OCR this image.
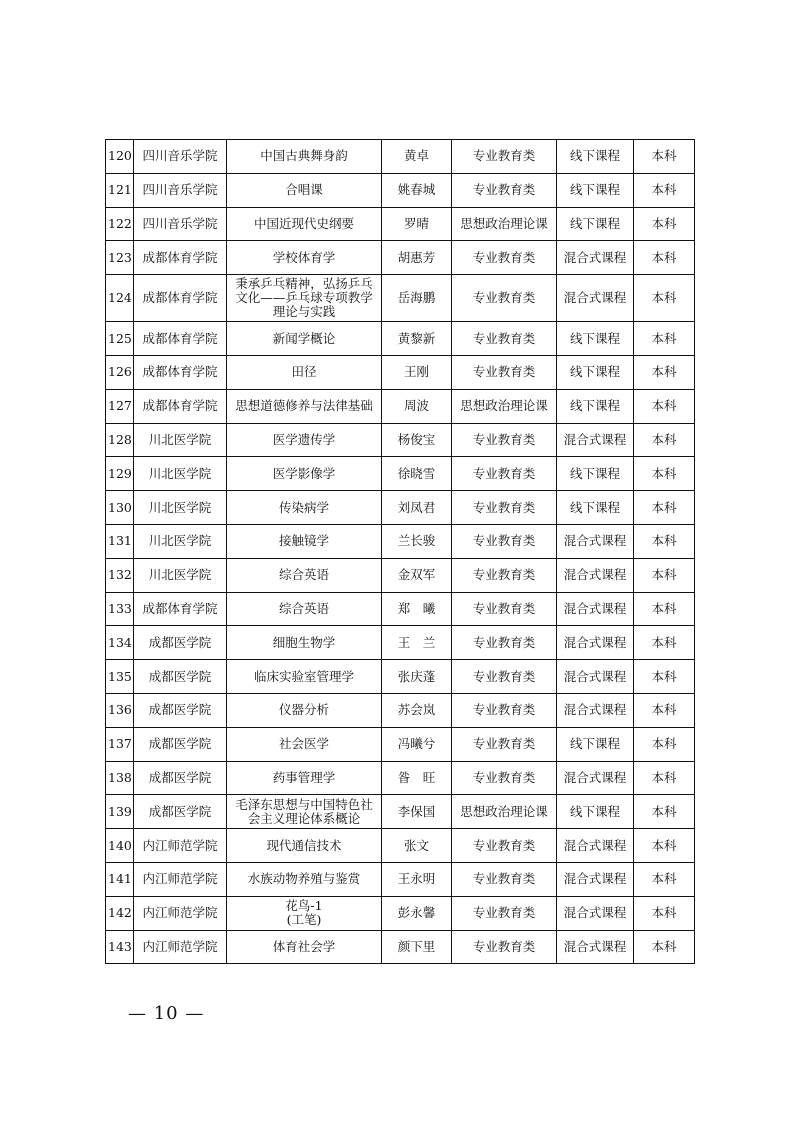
120	四川音乐学院	中国古典舞身韵	黄卓	专业教育类	线下课程	本科
121	四川音乐学院	合唱课	姚春城	专业教育类	线下课程	本科
122	四川音乐学院	中国近现代史纲要	罗晴	思想政治理论课	线下课程	本科
123	成都体育学院	学校体育学	胡惠芳	专业教育类	混合式课程	本科
124	成都体育学院	秉承乒乓精神，弘扬乒乓
文化——乒乓球专项教学
理论与实践	岳海鹏	专业教育类	混合式课程	本科
125	成都体育学院	新闻学概论	黄黎新	专业教育类	线下课程	本科
126	成都体育学院	田径	王刚	专业教育类	线下课程	本科
127	成都体育学院	思想道德修养与法律基础	周波	思想政治理论课	线下课程	本科
128	川北医学院	医学遗传学	杨俊宝	专业教育类	混合式课程	本科
129	川北医学院	医学影像学	徐晓雪	专业教育类	线下课程	本科
130	川北医学院	传染病学	刘凤君	专业教育类	线下课程	本科
131	川北医学院	接触镜学	兰长骏	专业教育类	混合式课程	本科
132	川北医学院	综合英语	金双军	专业教育类	混合式课程	本科
133	成都体育学院	综合英语	郑　曦	专业教育类	混合式课程	本科
134	成都医学院	细胞生物学	王　兰	专业教育类	混合式课程	本科
135	成都医学院	临床实验室管理学	张庆蓬	专业教育类	混合式课程	本科
136	成都医学院	仪器分析	苏会岚	专业教育类	混合式课程	本科
137	成都医学院	社会医学	冯曦兮	专业教育类	线下课程	本科
138	成都医学院	药事管理学	昝　旺	专业教育类	混合式课程	本科
139	成都医学院	毛泽东思想与中国特色社
会主义理论体系概论	李保国	思想政治理论课	线下课程	本科
140	内江师范学院	现代通信技术	张文	专业教育类	混合式课程	本科
141	内江师范学院	水族动物养殖与鉴赏	王永明	专业教育类	混合式课程	本科
142	内江师范学院	花鸟-1
(工笔)	彭永馨	专业教育类	混合式课程	本科
143	内江师范学院	体育社会学	颜下里	专业教育类	混合式课程	本科
— 10 —
